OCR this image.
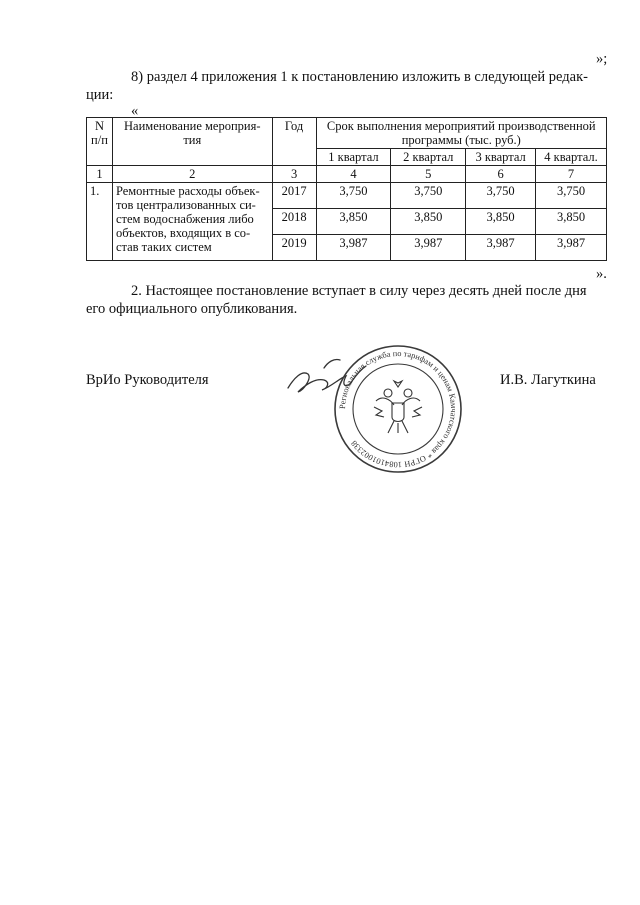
»;
8) раздел 4 приложения 1 к постановлению изложить в следующей редак-
ции:
«
N п/п	Наименование мероприя-тия	Год	Срок выполнения мероприятий производственной программы (тыс. руб.)			
			1 квартал	2 квартал	3 квартал	4 квартал.
1	2	3	4	5	6	7
1.	Ремонтные расходы объек-тов централизованных си-стем водоснабжения либо объектов, входящих в со-став таких систем	2017	3,750	3,750	3,750	3,750
		2018	3,850	3,850	3,850	3,850
		2019	3,987	3,987	3,987	3,987
».
2. Настоящее постановление вступает в силу через десять дней после дня
его официального опубликования.
ВрИо Руководителя	И.В. Лагуткина
Региональная служба по тарифам и ценам Камчатского края * ОГРН 1084101002338
